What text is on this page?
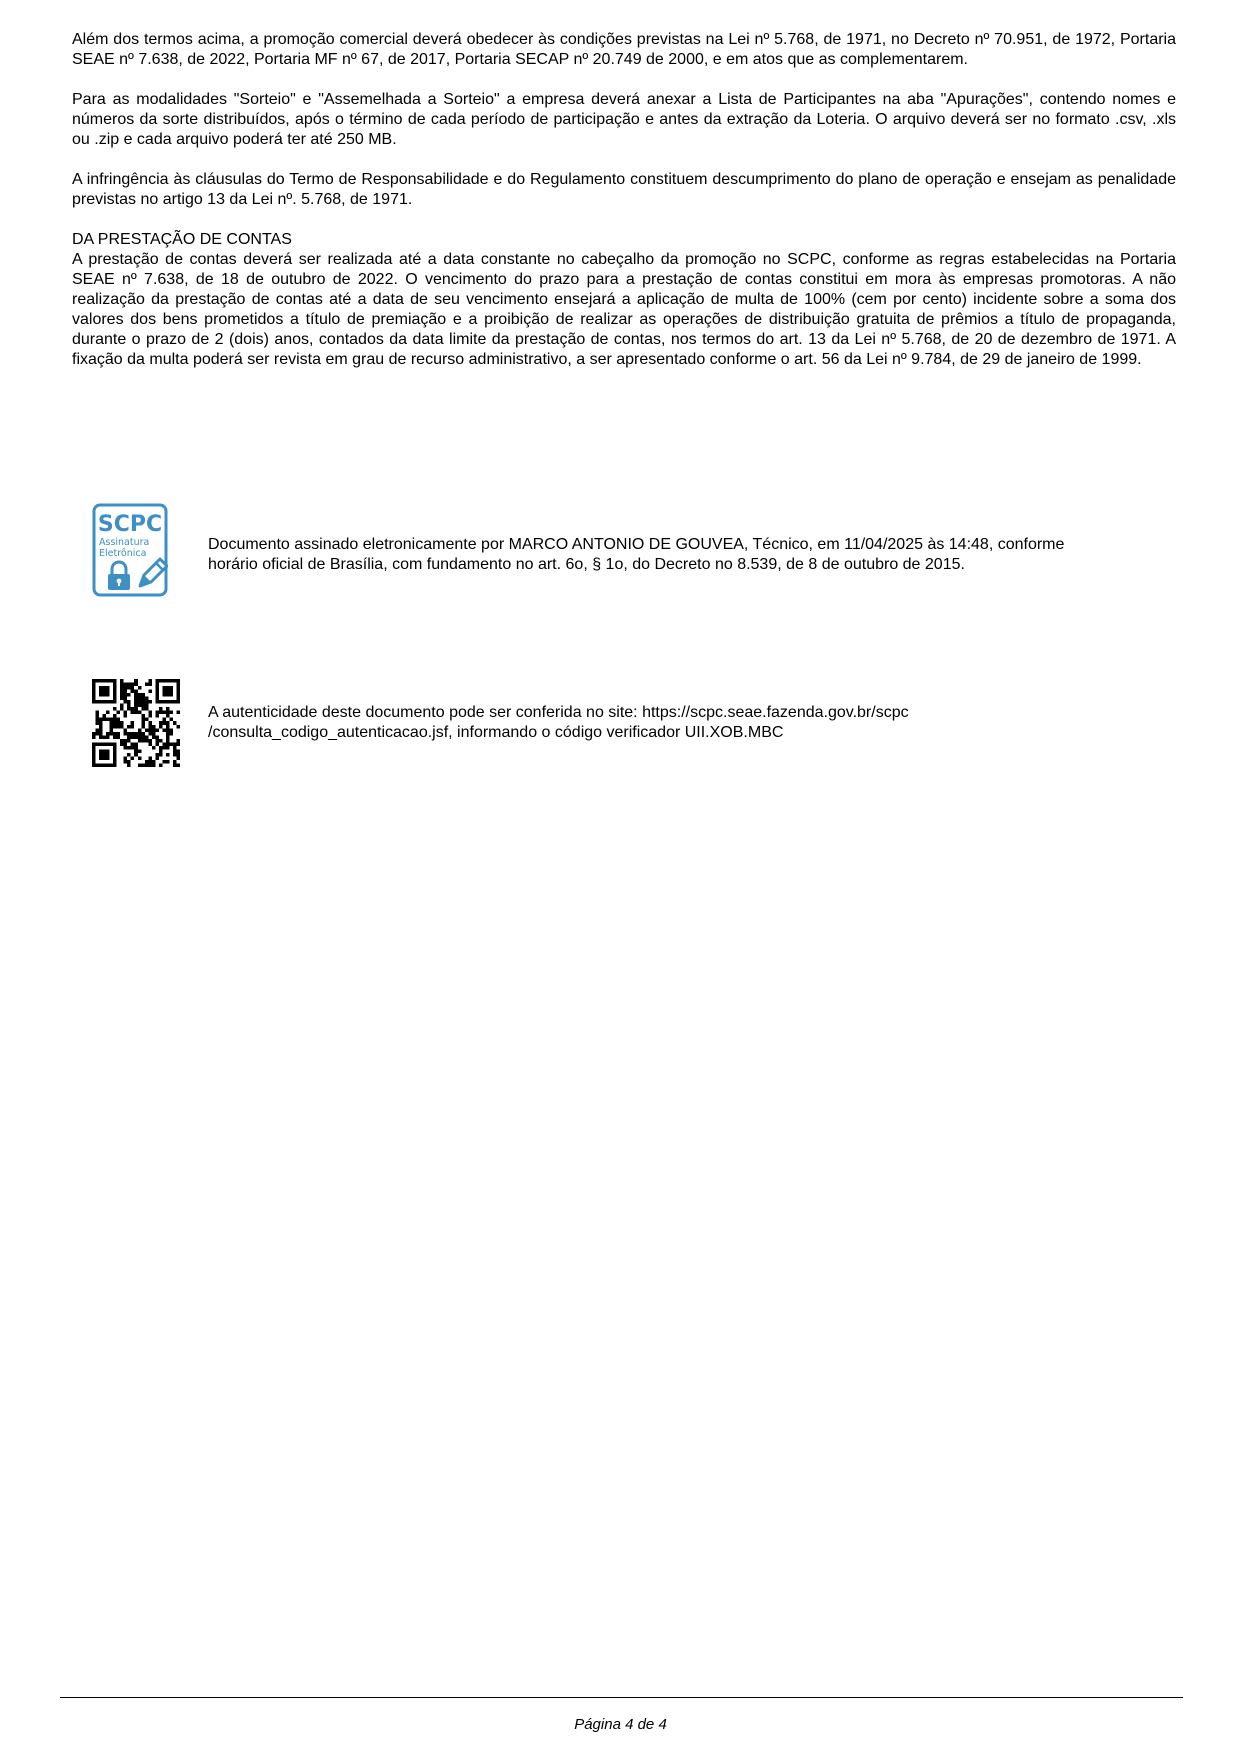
Além dos termos acima, a promoção comercial deverá obedecer às condições previstas na Lei nº 5.768, de 1971, no Decreto nº 70.951, de 1972, Portaria SEAE nº 7.638, de 2022, Portaria MF nº 67, de 2017, Portaria SECAP nº 20.749 de 2000, e em atos que as complementarem.

Para as modalidades "Sorteio" e "Assemelhada a Sorteio" a empresa deverá anexar a Lista de Participantes na aba "Apurações", contendo nomes e números da sorte distribuídos, após o término de cada período de participação e antes da extração da Loteria. O arquivo deverá ser no formato .csv, .xls ou .zip e cada arquivo poderá ter até 250 MB.

A infringência às cláusulas do Termo de Responsabilidade e do Regulamento constituem descumprimento do plano de operação e ensejam as penalidade previstas no artigo 13 da Lei nº. 5.768, de 1971.

DA PRESTAÇÃO DE CONTAS

A prestação de contas deverá ser realizada até a data constante no cabeçalho da promoção no SCPC, conforme as regras estabelecidas na Portaria SEAE nº 7.638, de 18 de outubro de 2022. O vencimento do prazo para a prestação de contas constitui em mora às empresas promotoras. A não realização da prestação de contas até a data de seu vencimento ensejará a aplicação de multa de 100% (cem por cento) incidente sobre a soma dos valores dos bens prometidos a título de premiação e a proibição de realizar as operações de distribuição gratuita de prêmios a título de propaganda, durante o prazo de 2 (dois) anos, contados da data limite da prestação de contas, nos termos do art. 13 da Lei nº 5.768, de 20 de dezembro de 1971. A fixação da multa poderá ser revista em grau de recurso administrativo, a ser apresentado conforme o art. 56 da Lei nº 9.784, de 29 de janeiro de 1999.

SCPC
Assinatura
Eletrônica
Documento assinado eletronicamente por MARCO ANTONIO DE GOUVEA, Técnico, em 11/04/2025 às 14:48, conforme
horário oficial de Brasília, com fundamento no art. 6o, § 1o, do Decreto no 8.539, de 8 de outubro de 2015.
A autenticidade deste documento pode ser conferida no site: https://scpc.seae.fazenda.gov.br/scpc
/consulta_codigo_autenticacao.jsf, informando o código verificador UII.XOB.MBC
Página 4 de 4
